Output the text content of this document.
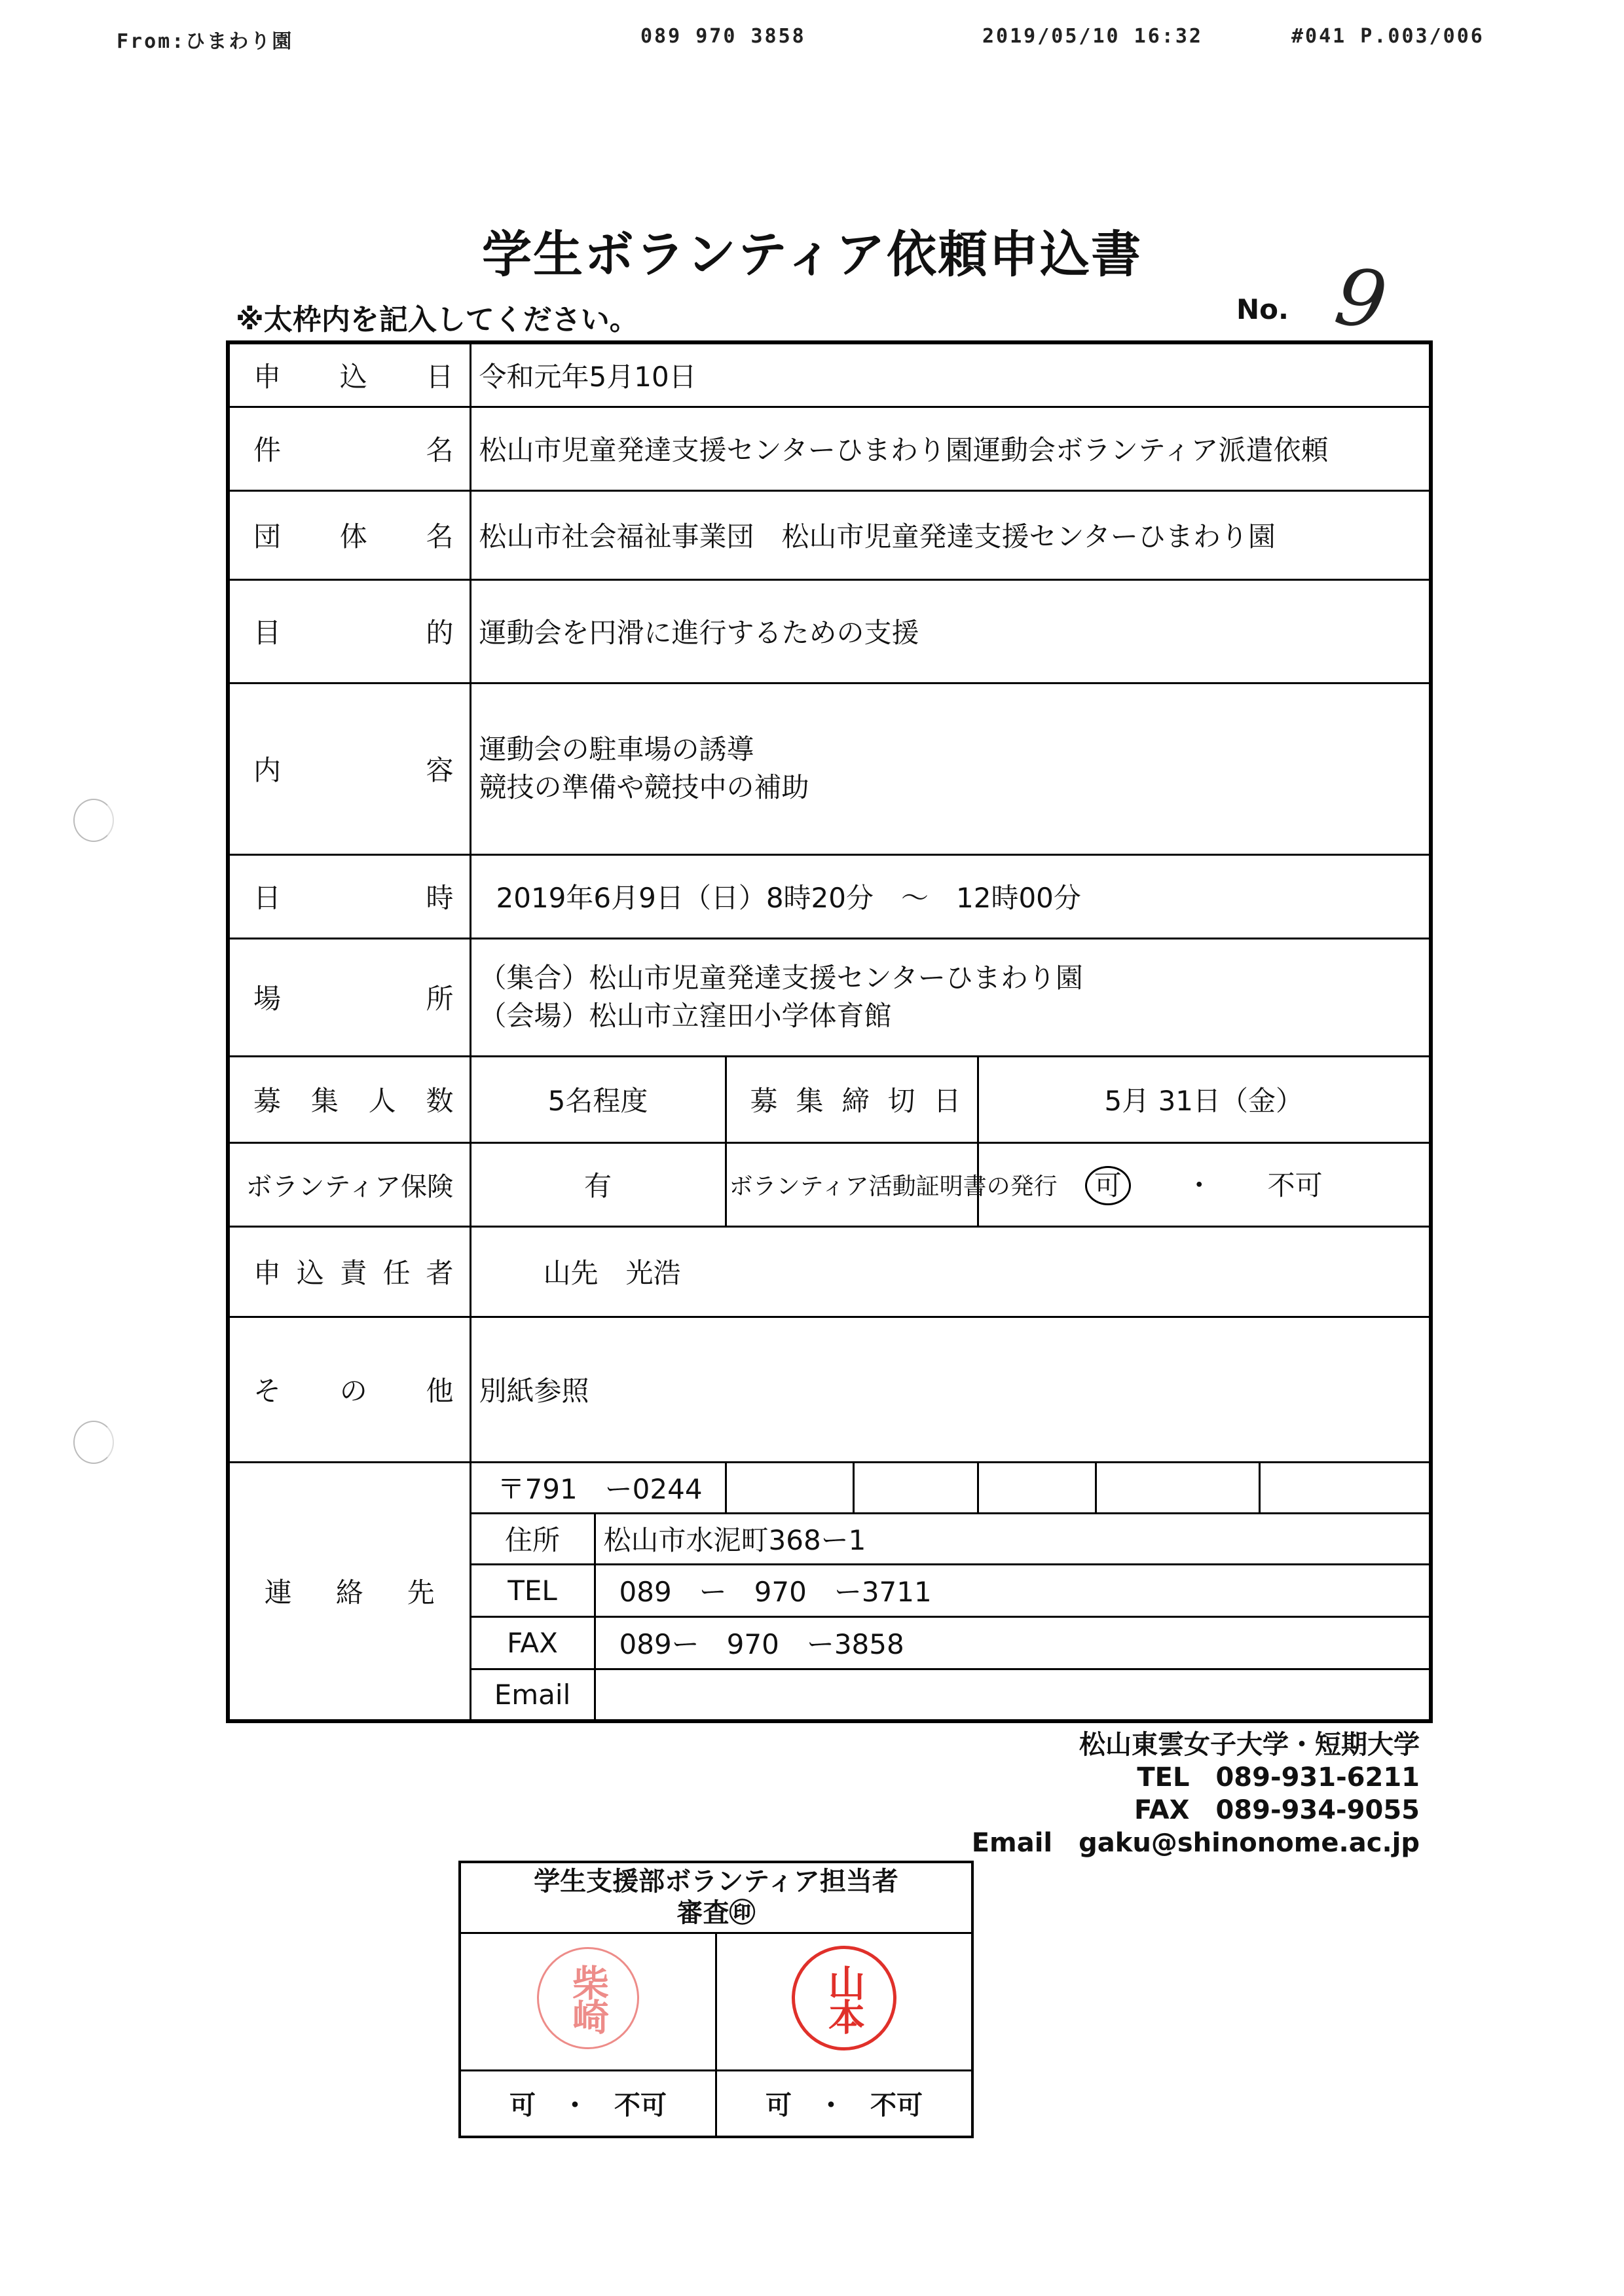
From:ひまわり園	089 970 3858	2019/05/10 16:32	#041 P.003/006
学生ボランティア依頼申込書
※太枠内を記入してください。	No. 9
申込日	令和元年5月10日						
件名	松山市児童発達支援センターひまわり園運動会ボランティア派遣依頼						
団体名	松山市社会福祉事業団　松山市児童発達支援センターひまわり園						
目的	運動会を円滑に進行するための支援						
内容	運動会の駐車場の誘導
競技の準備や競技中の補助						

日時	2019年6月9日（日）8時20分　～　12時00分						
場所	（集合）松山市児童発達支援センターひまわり園
（会場）松山市立窪田小学体育館						

募集人数	5名程度		募集締切日		5月 31日（金）		
ボランティア保険	有		ボランティア活動証明書の発行		可 ・ 不可		
申込責任者	山先　光浩						
その他	別紙参照						
連絡先	〒791　ー0244						
	住所	松山市水泥町368ー1					
	TEL	089　ー　970　ー3711					
	FAX	089ー　970　ー3858					
	Email						
松山東雲女子大学・短期大学
TEL　089-931-6211
FAX　089-934-9055
Email　gaku@shinonome.ac.jp
学生支援部ボランティア担当者
審査㊞	

柴崎	山本
可　・　不可	可　・　不可
